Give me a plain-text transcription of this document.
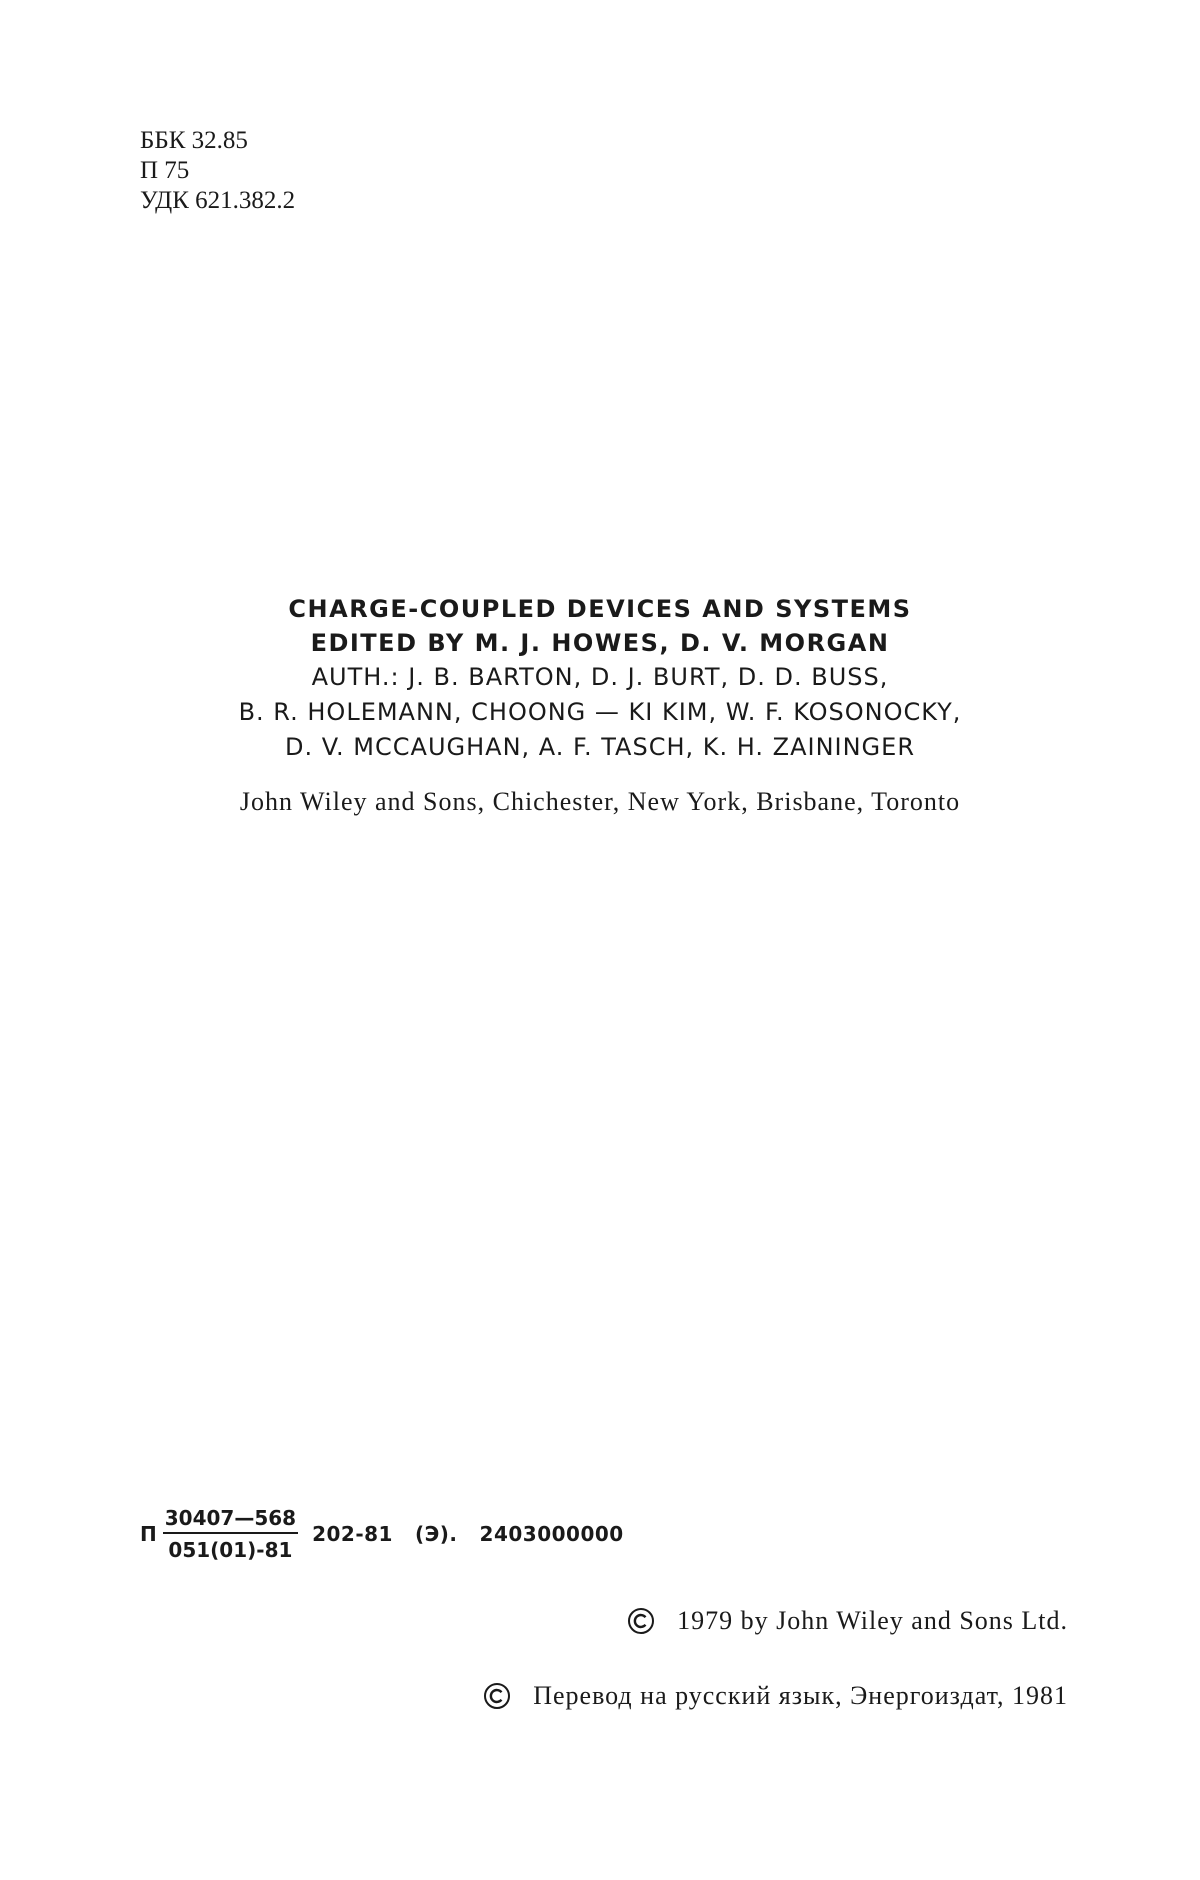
ББК 32.85
П 75
УДК 621.382.2
CHARGE-COUPLED DEVICES AND SYSTEMS
EDITED BY M. J. HOWES, D. V. MORGAN
AUTH.: J. B. BARTON, D. J. BURT, D. D. BUSS,
B. R. HOLEMANN, CHOONG — KI KIM, W. F. KOSONOCKY,
D. V. MCCAUGHAN, A. F. TASCH, K. H. ZAININGER
John Wiley and Sons, Chichester, New York, Brisbane, Toronto
П $\frac{30407—568}{051(01)-81} 202-81$ (Э). 2403000000
1979 by John Wiley and Sons Ltd.
Перевод на русский язык, Энергоиздат, 1981
